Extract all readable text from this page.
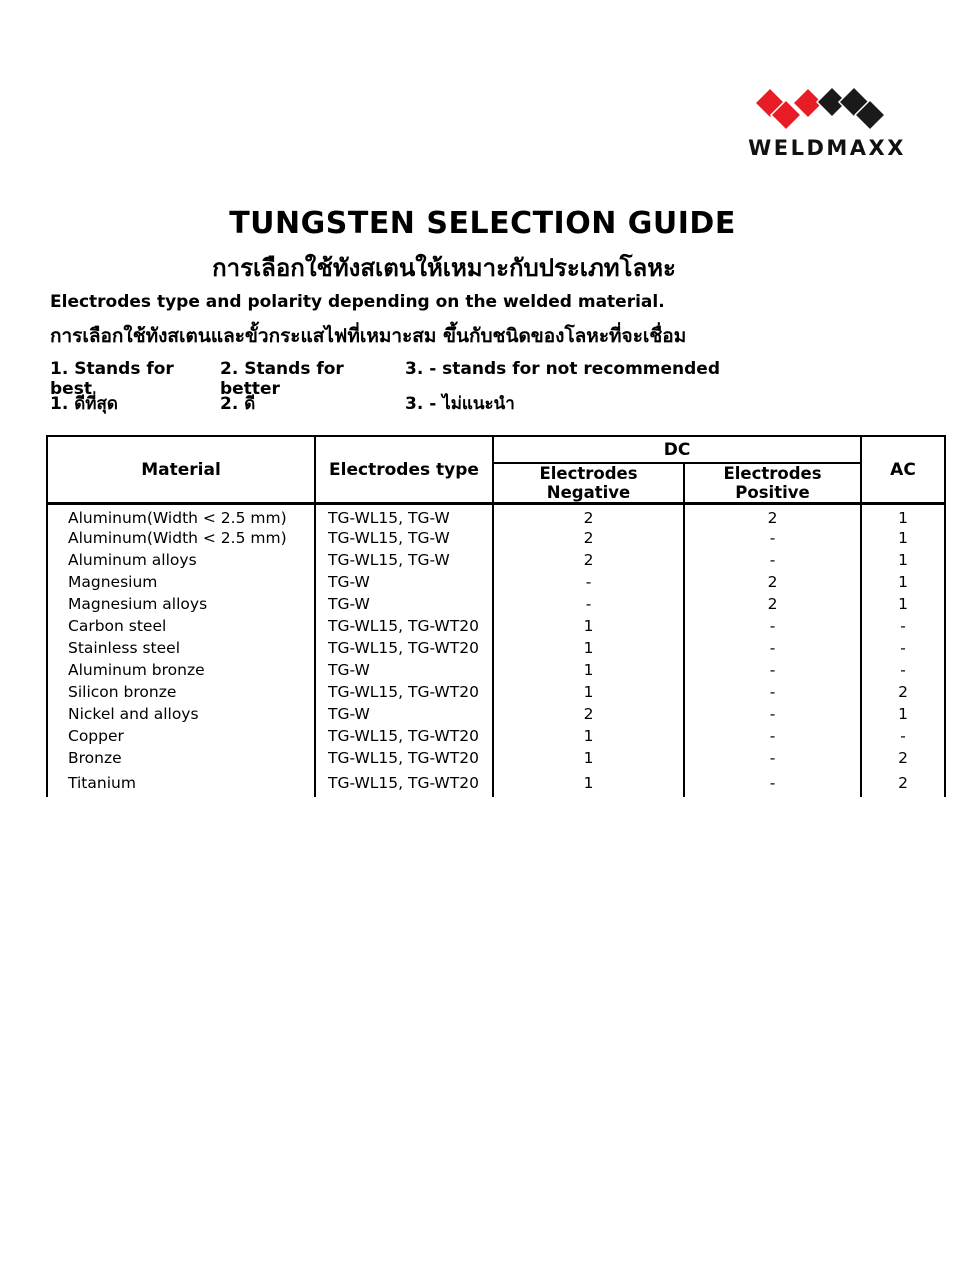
WELDMAXX
TUNGSTEN SELECTION GUIDE
การเลือกใช้ทังสเตนให้เหมาะกับประเภทโลหะ
Electrodes type and polarity depending on the welded material.
การเลือกใช้ทังสเตนและขั้วกระแสไฟที่เหมาะสม ขึ้นกับชนิดของโลหะที่จะเชื่อม
1. Stands for best
2. Stands for better
3. - stands for not recommended
1. ดีที่สุด	2. ดี	3. - ไม่แนะนำ
Material	Electrodes type	DC		AC
		Electrodes  Negative	Electrodes Positive	
Aluminum(Width < 2.5 mm)	TG-WL15, TG-W	2	2	1
Aluminum(Width < 2.5 mm)	TG-WL15, TG-W	2	-	1
Aluminum alloys	TG-WL15, TG-W	2	-	1
Magnesium	TG-W	-	2	1
Magnesium alloys	TG-W	-	2	1
Carbon steel	TG-WL15, TG-WT20	1	-	-
Stainless steel	TG-WL15, TG-WT20	1	-	-
Aluminum bronze	TG-W	1	-	-
Silicon bronze	TG-WL15, TG-WT20	1	-	2
Nickel and alloys	TG-W	2	-	1
Copper	TG-WL15, TG-WT20	1	-	-
Bronze	TG-WL15, TG-WT20	1	-	2
Titanium	TG-WL15, TG-WT20	1	-	2
